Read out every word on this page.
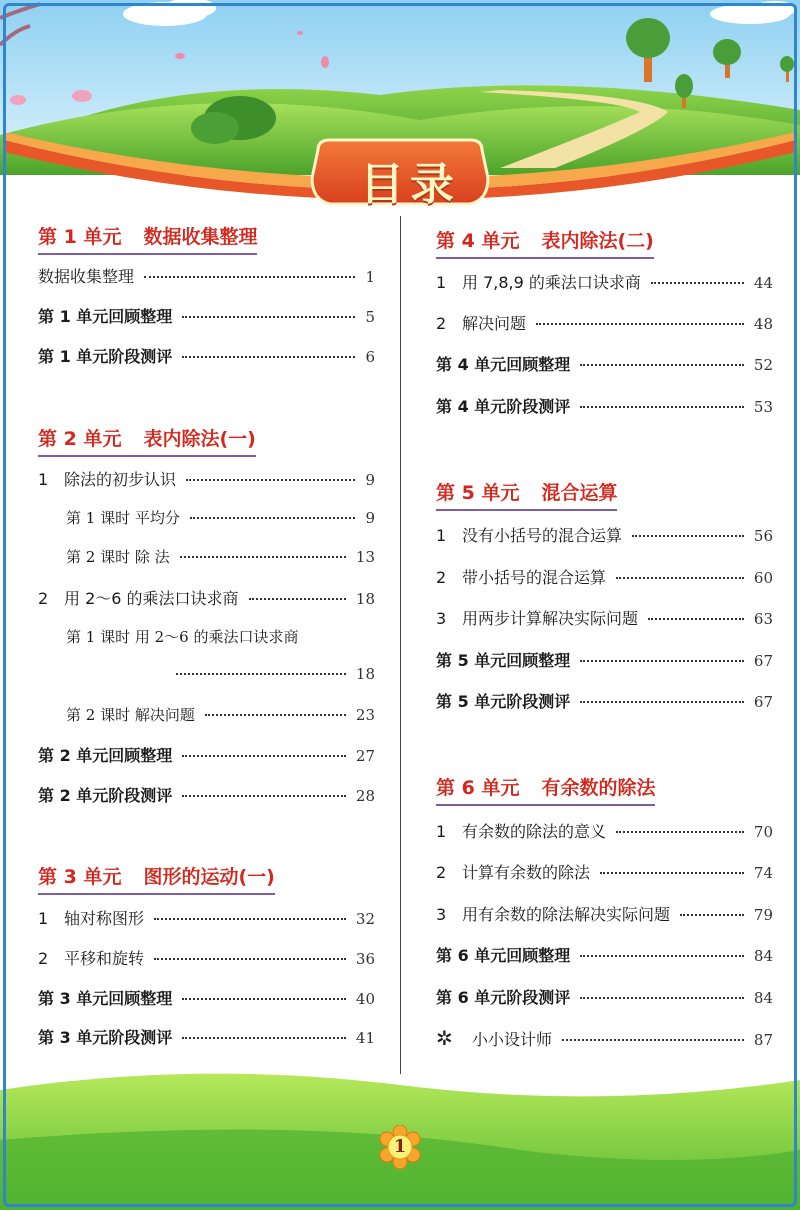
目录
第 1 单元 数据收集整理
数据收集整理	1
第 1 单元回顾整理	5
第 1 单元阶段测评	6
第 2 单元 表内除法(一)
1 除法的初步认识	9
第 1 课时 平均分	9
第 2 课时 除 法	13
2 用 2～6 的乘法口诀求商	18
第 1 课时 用 2～6 的乘法口诀求商
18
第 2 课时 解决问题	23
第 2 单元回顾整理	27
第 2 单元阶段测评	28
第 3 单元 图形的运动(一)
1 轴对称图形	32
2 平移和旋转	36
第 3 单元回顾整理	40
第 3 单元阶段测评	41
第 4 单元 表内除法(二)
1 用 7,8,9 的乘法口诀求商	44
2 解决问题	48
第 4 单元回顾整理	52
第 4 单元阶段测评	53
第 5 单元 混合运算
1 没有小括号的混合运算	56
2 带小括号的混合运算	60
3 用两步计算解决实际问题	63
第 5 单元回顾整理	67
第 5 单元阶段测评	67
第 6 单元 有余数的除法
1 有余数的除法的意义	70
2 计算有余数的除法	74
3 用有余数的除法解决实际问题	79
第 6 单元回顾整理	84
第 6 单元阶段测评	84
✲	小小设计师	87
1
